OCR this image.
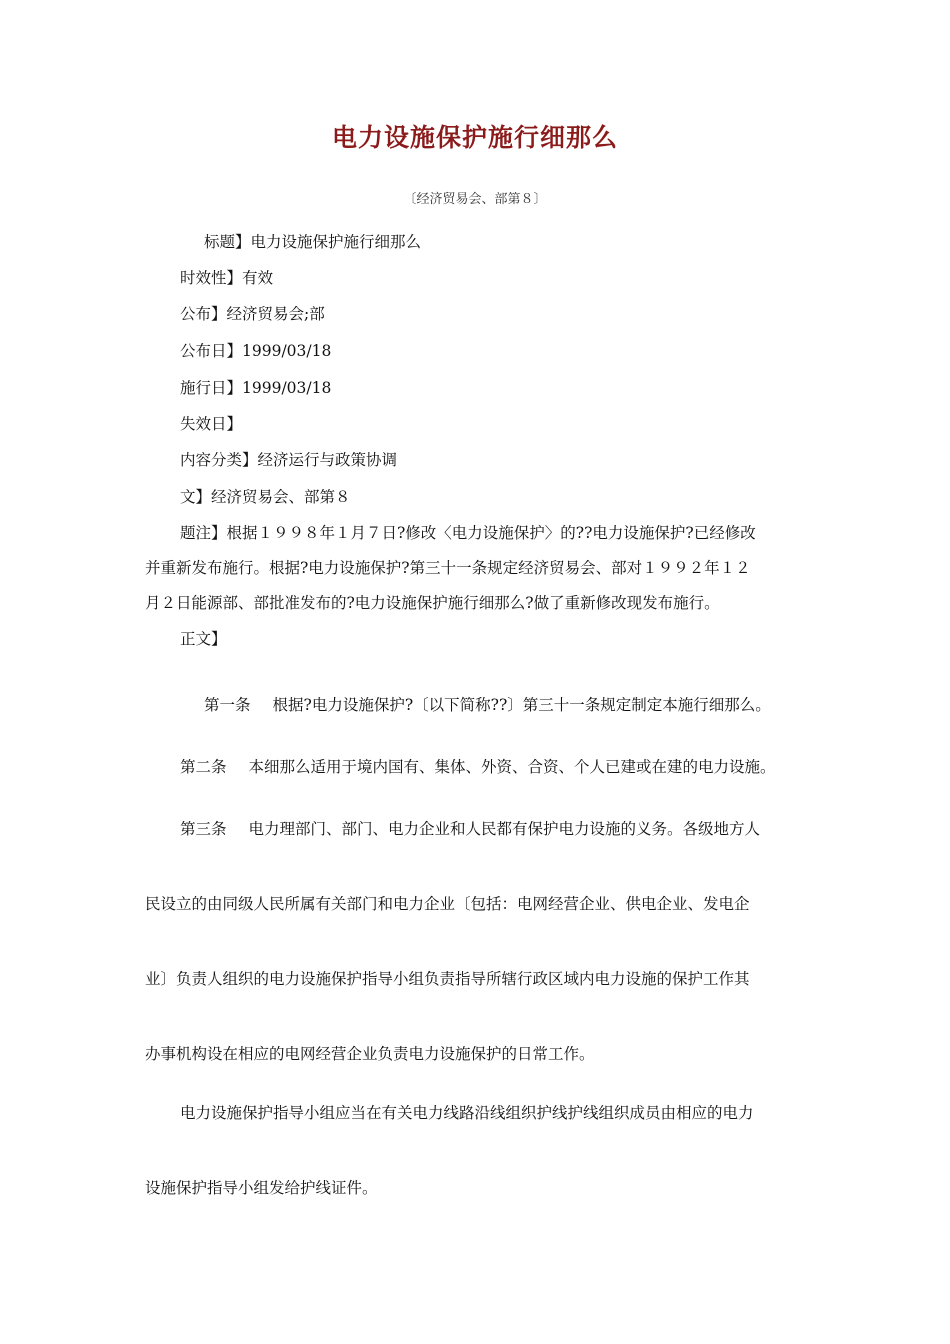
电力设施保护施行细那么
〔经济贸易会、部第８〕
标题】电力设施保护施行细那么
时效性】有效
公布】经济贸易会;部
公布日】1999/03/18
施行日】1999/03/18
失效日】
内容分类】经济运行与政策协调
文】经济贸易会、部第８
题注】根据１９９８年１月７日?修改〈电力设施保护〉的??电力设施保护?已经修改
并重新发布施行。根据?电力设施保护?第三十一条规定经济贸易会、部对１９９２年１２
月２日能源部、部批准发布的?电力设施保护施行细那么?做了重新修改现发布施行。
正文】
第一条 根据?电力设施保护?〔以下简称??〕第三十一条规定制定本施行细那么。
第二条 本细那么适用于境内国有、集体、外资、合资、个人已建或在建的电力设施。
第三条 电力理部门、部门、电力企业和人民都有保护电力设施的义务。各级地方人
民设立的由同级人民所属有关部门和电力企业〔包括：电网经营企业、供电企业、发电企
业〕负责人组织的电力设施保护指导小组负责指导所辖行政区域内电力设施的保护工作其
办事机构设在相应的电网经营企业负责电力设施保护的日常工作。
电力设施保护指导小组应当在有关电力线路沿线组织护线护线组织成员由相应的电力
设施保护指导小组发给护线证件。
